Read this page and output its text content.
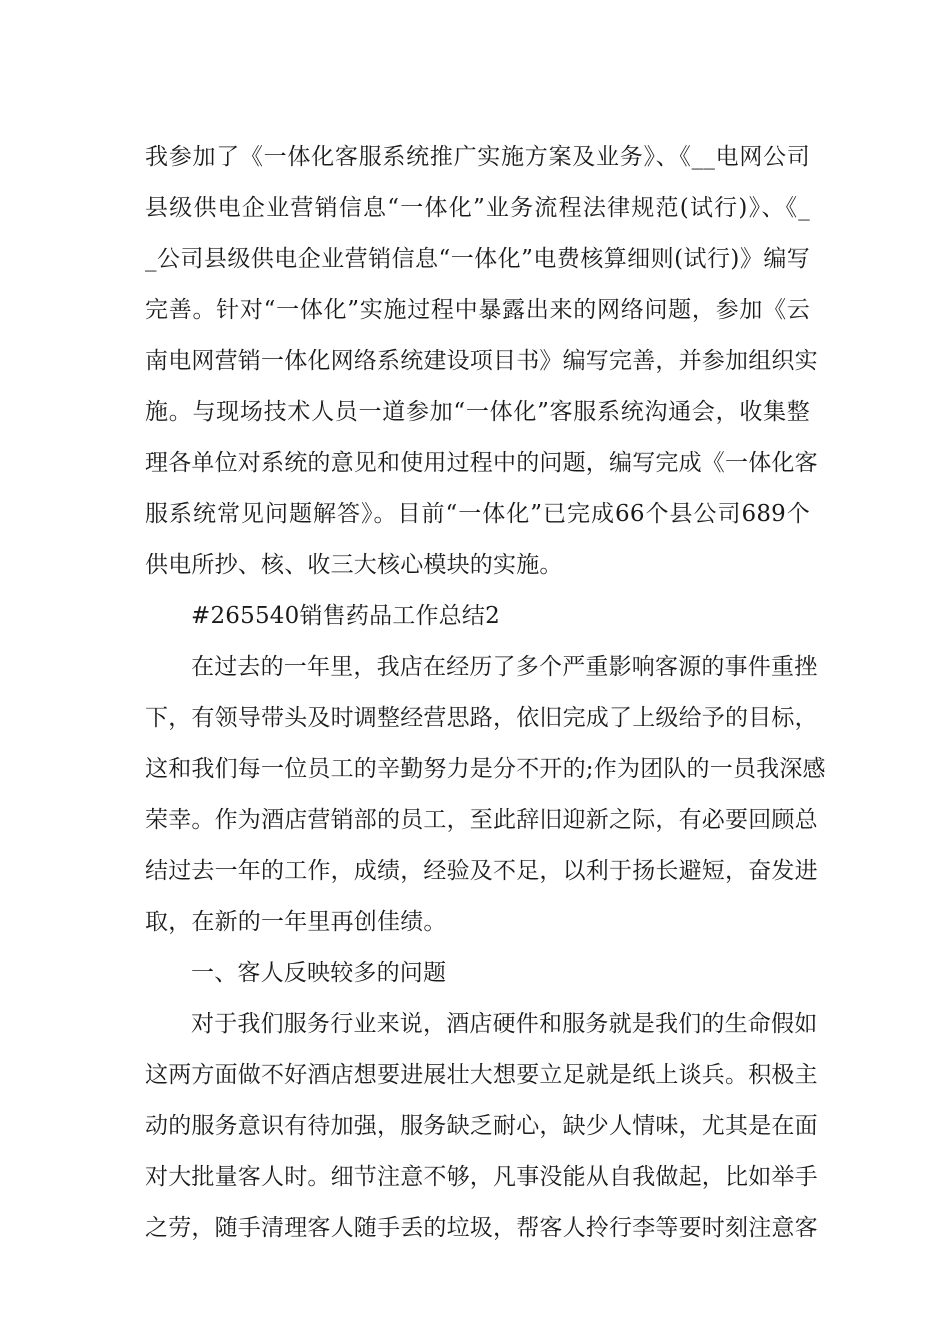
我参加了《一体化客服系统推广实施方案及业务》、《__电网公司
县级供电企业营销信息“一体化”业务流程法律规范(试行)》、《_
_公司县级供电企业营销信息“一体化”电费核算细则(试行)》编写
完善。针对“一体化”实施过程中暴露出来的网络问题，参加《云
南电网营销一体化网络系统建设项目书》编写完善，并参加组织实
施。与现场技术人员一道参加“一体化”客服系统沟通会，收集整
理各单位对系统的意见和使用过程中的问题，编写完成《一体化客
服系统常见问题解答》。目前“一体化”已完成66个县公司689个
供电所抄、核、收三大核心模块的实施。
#265540销售药品工作总结2
在过去的一年里，我店在经历了多个严重影响客源的事件重挫
下，有领导带头及时调整经营思路，依旧完成了上级给予的目标，
这和我们每一位员工的辛勤努力是分不开的;作为团队的一员我深感
荣幸。作为酒店营销部的员工，至此辞旧迎新之际，有必要回顾总
结过去一年的工作，成绩，经验及不足，以利于扬长避短，奋发进
取，在新的一年里再创佳绩。
一、客人反映较多的问题
对于我们服务行业来说，酒店硬件和服务就是我们的生命假如
这两方面做不好酒店想要进展壮大想要立足就是纸上谈兵。积极主
动的服务意识有待加强，服务缺乏耐心，缺少人情味，尤其是在面
对大批量客人时。细节注意不够，凡事没能从自我做起，比如举手
之劳，随手清理客人随手丢的垃圾，帮客人拎行李等要时刻注意客
